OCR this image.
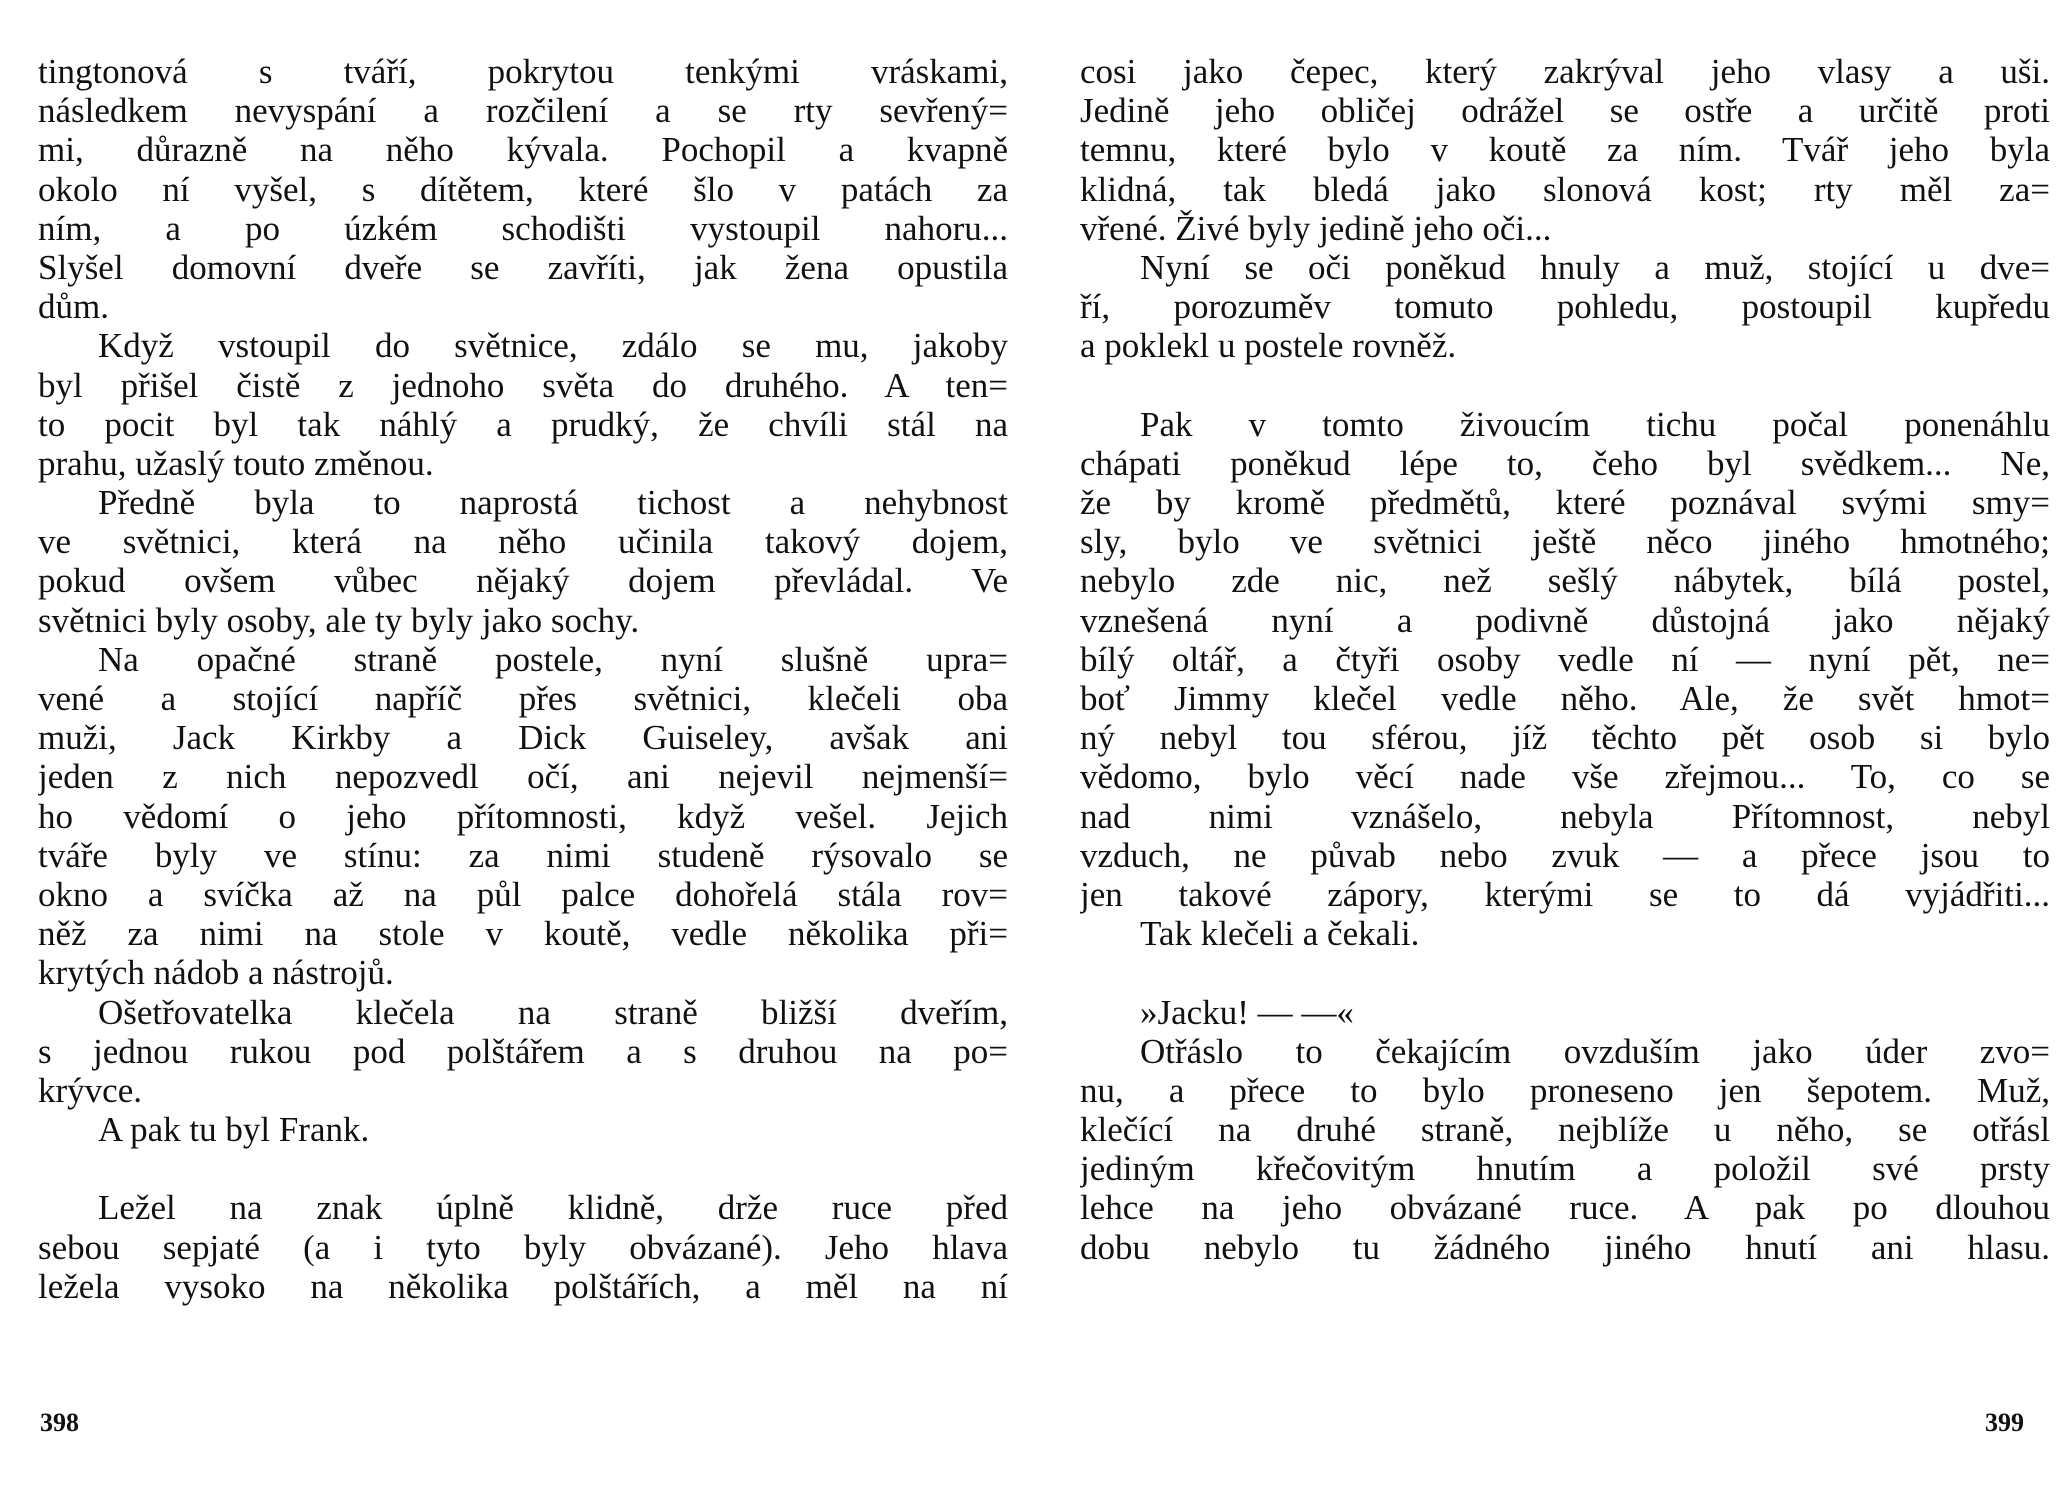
tingtonová s tváří, pokrytou tenkými vráskami,
následkem nevyspání a rozčilení a se rty sevřený=
mi, důrazně na něho kývala. Pochopil a kvapně
okolo ní vyšel, s dítětem, které šlo v patách za
ním, a po úzkém schodišti vystoupil nahoru...
Slyšel domovní dveře se zavříti, jak žena opustila
dům.
Když vstoupil do světnice, zdálo se mu, jakoby
byl přišel čistě z jednoho světa do druhého. A ten=
to pocit byl tak náhlý a prudký, že chvíli stál na
prahu, užaslý touto změnou.
Předně byla to naprostá tichost a nehybnost
ve světnici, která na něho učinila takový dojem,
pokud ovšem vůbec nějaký dojem převládal. Ve
světnici byly osoby, ale ty byly jako sochy.
Na opačné straně postele, nyní slušně upra=
vené a stojící napříč přes světnici, klečeli oba
muži, Jack Kirkby a Dick Guiseley, avšak ani
jeden z nich nepozvedl očí, ani nejevil nejmenší=
ho vědomí o jeho přítomnosti, když vešel. Jejich
tváře byly ve stínu: za nimi studeně rýsovalo se
okno a svíčka až na půl palce dohořelá stála rov=
něž za nimi na stole v koutě, vedle několika při=
krytých nádob a nástrojů.
Ošetřovatelka klečela na straně bližší dveřím,
s jednou rukou pod polštářem a s druhou na po=
krývce.
A pak tu byl Frank.
Ležel na znak úplně klidně, drže ruce před
sebou sepjaté (a i tyto byly obvázané). Jeho hlava
ležela vysoko na několika polštářích, a měl na ní
cosi jako čepec, který zakrýval jeho vlasy a uši.
Jedině jeho obličej odrážel se ostře a určitě proti
temnu, které bylo v koutě za ním. Tvář jeho byla
klidná, tak bledá jako slonová kost; rty měl za=
vřené. Živé byly jedině jeho oči...
Nyní se oči poněkud hnuly a muž, stojící u dve=
ří, porozuměv tomuto pohledu, postoupil kupředu
a poklekl u postele rovněž.
Pak v tomto živoucím tichu počal ponenáhlu
chápati poněkud lépe to, čeho byl svědkem... Ne,
že by kromě předmětů, které poznával svými smy=
sly, bylo ve světnici ještě něco jiného hmotného;
nebylo zde nic, než sešlý nábytek, bílá postel,
vznešená nyní a podivně důstojná jako nějaký
bílý oltář, a čtyři osoby vedle ní — nyní pět, ne=
boť Jimmy klečel vedle něho. Ale, že svět hmot=
ný nebyl tou sférou, jíž těchto pět osob si bylo
vědomo, bylo věcí nade vše zřejmou... To, co se
nad nimi vznášelo, nebyla Přítomnost, nebyl
vzduch, ne půvab nebo zvuk — a přece jsou to
jen takové zápory, kterými se to dá vyjádřiti...
Tak klečeli a čekali.
»Jacku! — —«
Otřáslo to čekajícím ovzduším jako úder zvo=
nu, a přece to bylo proneseno jen šepotem. Muž,
klečící na druhé straně, nejblíže u něho, se otřásl
jediným křečovitým hnutím a položil své prsty
lehce na jeho obvázané ruce. A pak po dlouhou
dobu nebylo tu žádného jiného hnutí ani hlasu.
398	399
